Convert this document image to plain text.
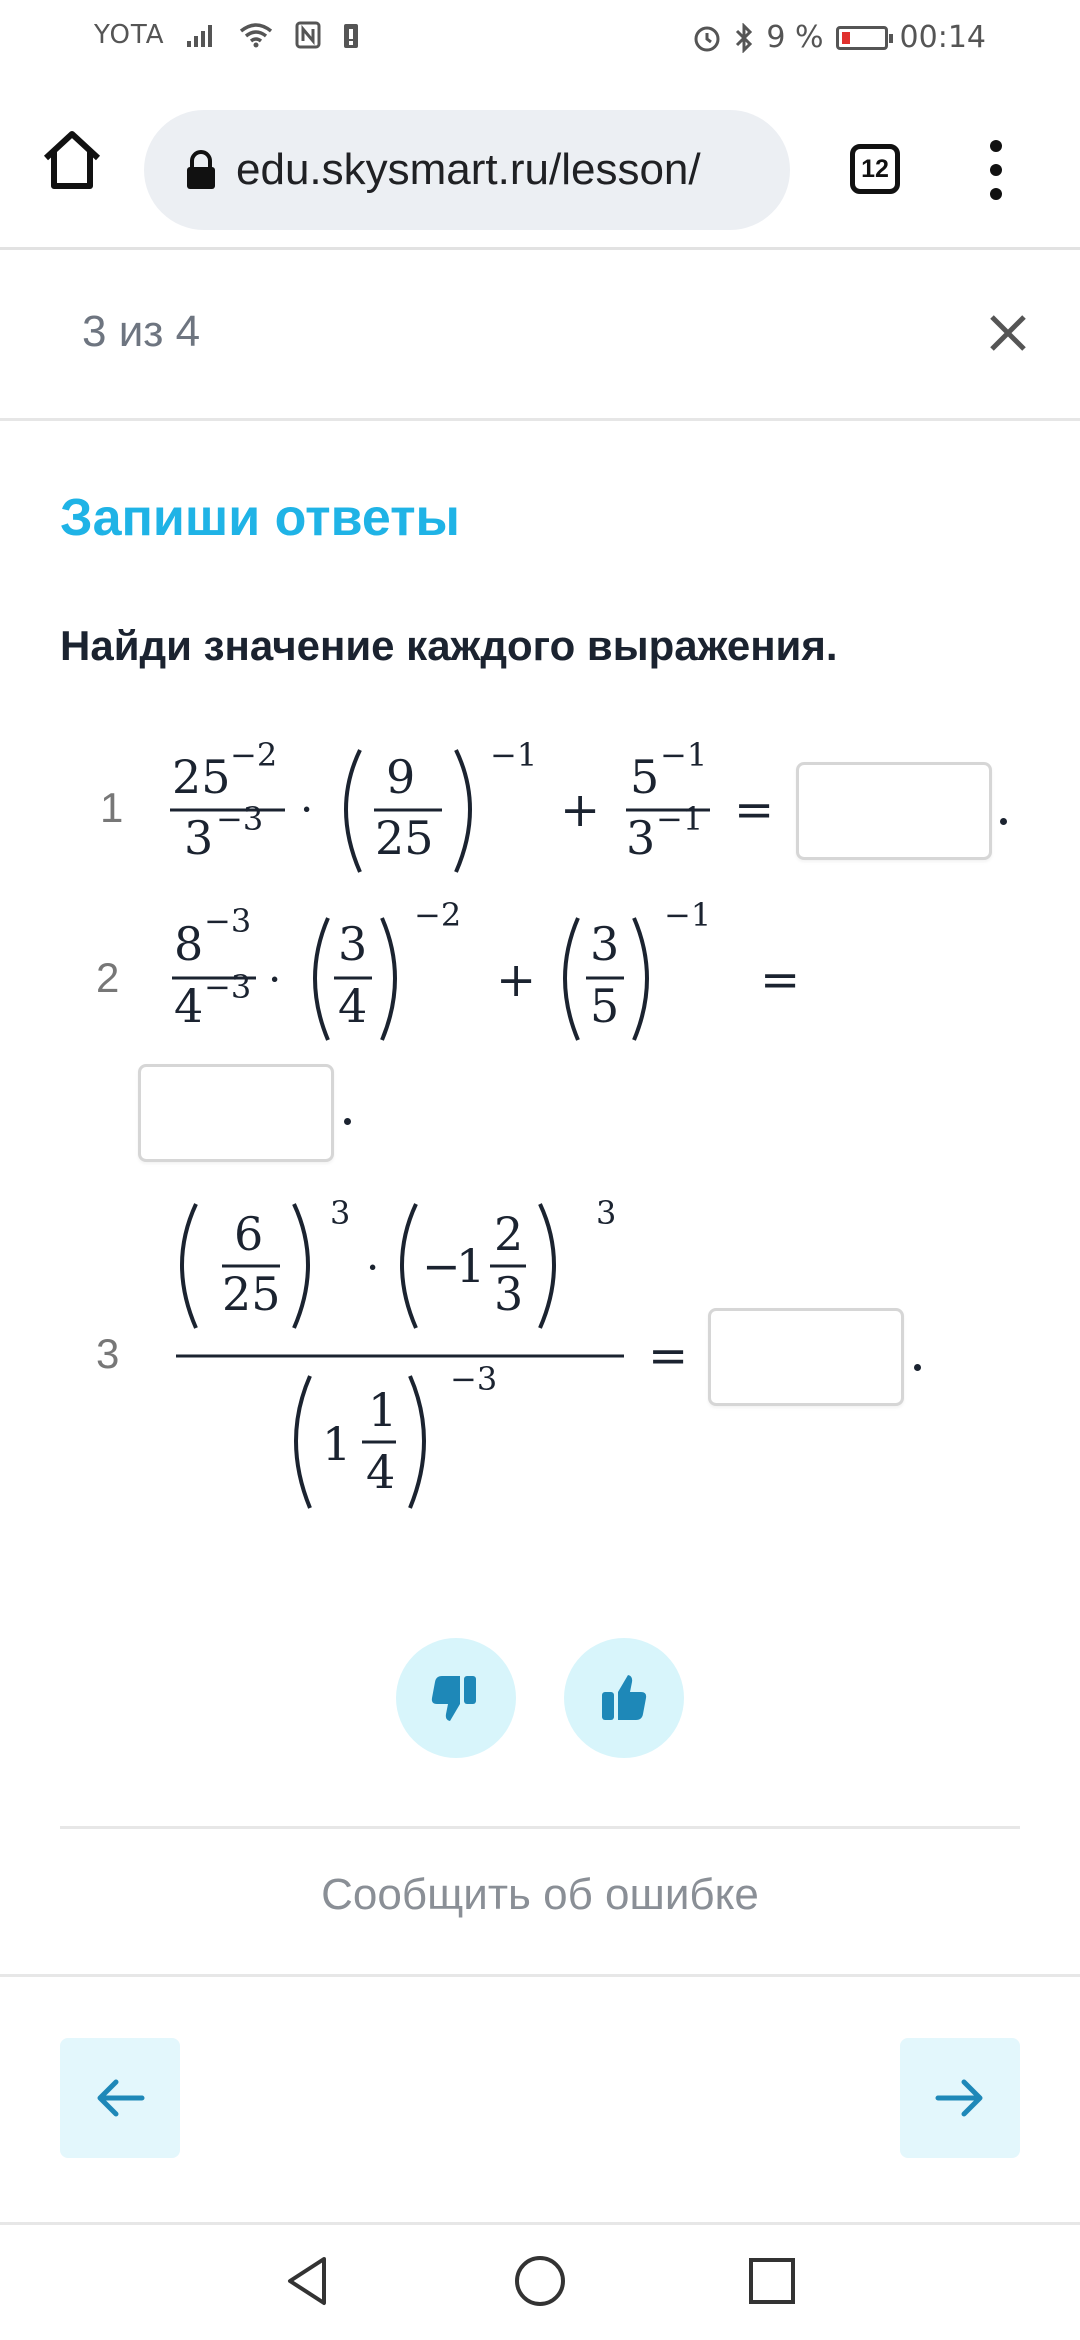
YOTA	9 %	00:14
edu.skysmart.ru/lesson/	12
3 из 4
Запиши ответы
Найди значение каждого выражения.
1
25 −2
3 −3 ·
9
25
−1
+
5 −1
3 −1 =
2
8 −3
4 −3 ·
3
4
−2
+
3
5
−1
=
3
6
25
3
· −
1
2
3
3
1
1
4
−3	=
Сообщить об ошибке
